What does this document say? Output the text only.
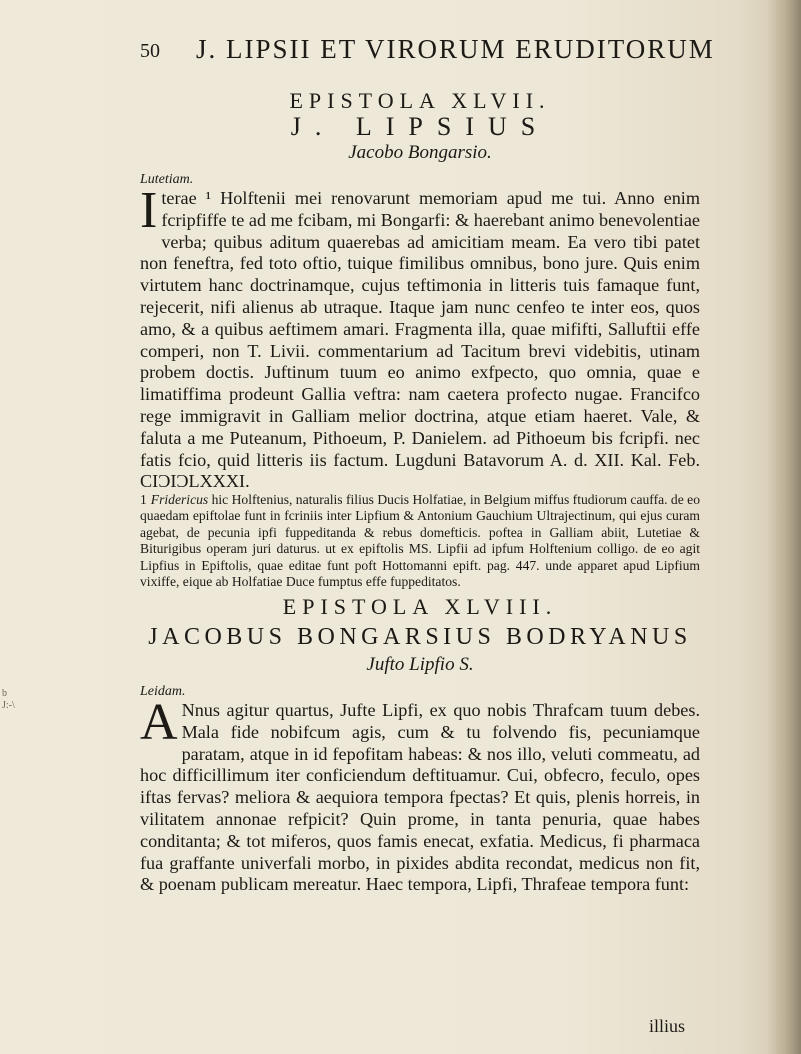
b
J:-\
50 J. LIPSII ET VIRORUM ERUDITORUM
EPISTOLA XLVII.
J. LIPSIUS
Jacobo Bongarsio.
Lutetiam.
Iterae ¹ Holftenii mei renovarunt memoriam apud me tui. Anno enim fcripfiffe te ad me fcibam, mi Bongarfi: & haerebant animo benevolentiae verba; quibus aditum quaerebas ad amicitiam meam. Ea vero tibi patet non feneftra, fed toto oftio, tuique fimilibus omnibus, bono jure. Quis enim virtutem hanc doctrinamque, cujus teftimonia in litteris tuis famaque funt, rejecerit, nifi alienus ab utraque. Itaque jam nunc cenfeo te inter eos, quos amo, & a quibus aeftimem amari. Fragmenta illa, quae mififti, Salluftii effe comperi, non T. Livii. commentarium ad Tacitum brevi videbitis, utinam probem doctis. Juftinum tuum eo animo exfpecto, quo omnia, quae e limatiffima prodeunt Gallia veftra: nam caetera profecto nugae. Francifco rege immigravit in Galliam melior doctrina, atque etiam haeret. Vale, & faluta a me Puteanum, Pithoeum, P. Danielem. ad Pithoeum bis fcripfi. nec fatis fcio, quid litteris iis factum. Lugduni Batavorum A. d. XII. Kal. Feb. CIƆIƆLXXXI.
1 Fridericus hic Holftenius, naturalis filius Ducis Holfatiae, in Belgium miffus ftudiorum cauffa. de eo quaedam epiftolae funt in fcriniis inter Lipfium & Antonium Gauchium Ultrajectinum, qui ejus curam agebat, de pecunia ipfi fuppeditanda & rebus domefticis. poftea in Galliam abiit, Lutetiae & Biturigibus operam juri daturus. ut ex epiftolis MS. Lipfii ad ipfum Holftenium colligo. de eo agit Lipfius in Epiftolis, quae editae funt poft Hottomanni epift. pag. 447. unde apparet apud Lipfium vixiffe, eique ab Holfatiae Duce fumptus effe fuppeditatos.
EPISTOLA XLVIII.
JACOBUS BONGARSIUS BODRYANUS
Jufto Lipfio S.
Leidam.
A Nnus agitur quartus, Jufte Lipfi, ex quo nobis Thrafcam tuum debes. Mala fide nobifcum agis, cum & tu folvendo fis, pecuniamque paratam, atque in id fepofitam habeas: & nos illo, veluti commeatu, ad hoc difficillimum iter conficiendum deftituamur. Cui, obfecro, feculo, opes iftas fervas? meliora & aequiora tempora fpectas? Et quis, plenis horreis, in vilitatem annonae refpicit? Quin prome, in tanta penuria, quae habes conditanta; & tot miferos, quos famis enecat, exfatia. Medicus, fi pharmaca fua graffante univerfali morbo, in pixides abdita recondat, medicus non fit, & poenam publicam mereatur. Haec tempora, Lipfi, Thrafeae tempora funt:
illius
